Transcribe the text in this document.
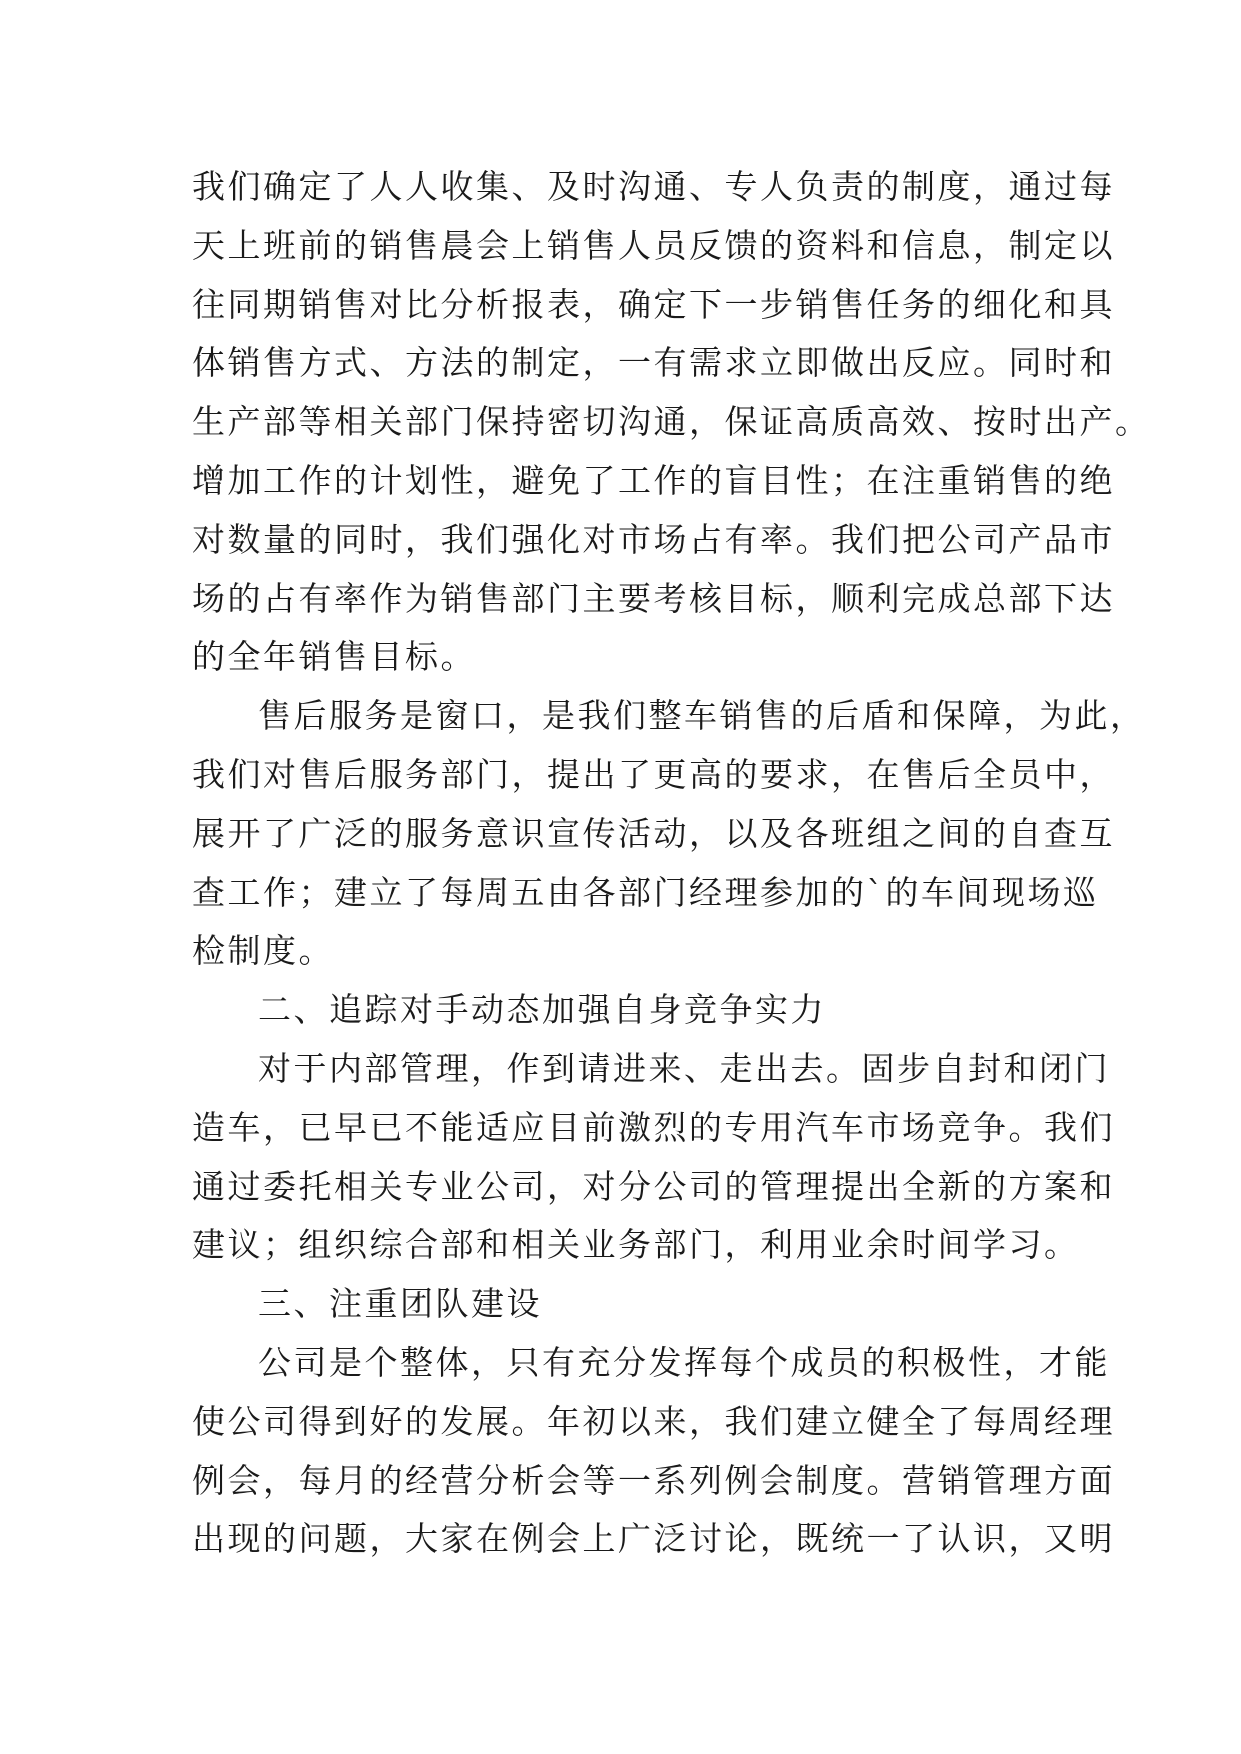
我们确定了人人收集、及时沟通、专人负责的制度，通过每
天上班前的销售晨会上销售人员反馈的资料和信息，制定以
往同期销售对比分析报表，确定下一步销售任务的细化和具
体销售方式、方法的制定，一有需求立即做出反应。同时和
生产部等相关部门保持密切沟通，保证高质高效、按时出产。
增加工作的计划性，避免了工作的盲目性；在注重销售的绝
对数量的同时，我们强化对市场占有率。我们把公司产品市
场的占有率作为销售部门主要考核目标，顺利完成总部下达
的全年销售目标。
售后服务是窗口，是我们整车销售的后盾和保障，为此，
我们对售后服务部门，提出了更高的要求，在售后全员中，
展开了广泛的服务意识宣传活动，以及各班组之间的自查互
查工作；建立了每周五由各部门经理参加的`的车间现场巡
检制度。
二、追踪对手动态加强自身竞争实力
对于内部管理，作到请进来、走出去。固步自封和闭门
造车，已早已不能适应目前激烈的专用汽车市场竞争。我们
通过委托相关专业公司，对分公司的管理提出全新的方案和
建议；组织综合部和相关业务部门，利用业余时间学习。
三、注重团队建设
公司是个整体，只有充分发挥每个成员的积极性，才能
使公司得到好的发展。年初以来，我们建立健全了每周经理
例会，每月的经营分析会等一系列例会制度。营销管理方面
出现的问题，大家在例会上广泛讨论，既统一了认识，又明
